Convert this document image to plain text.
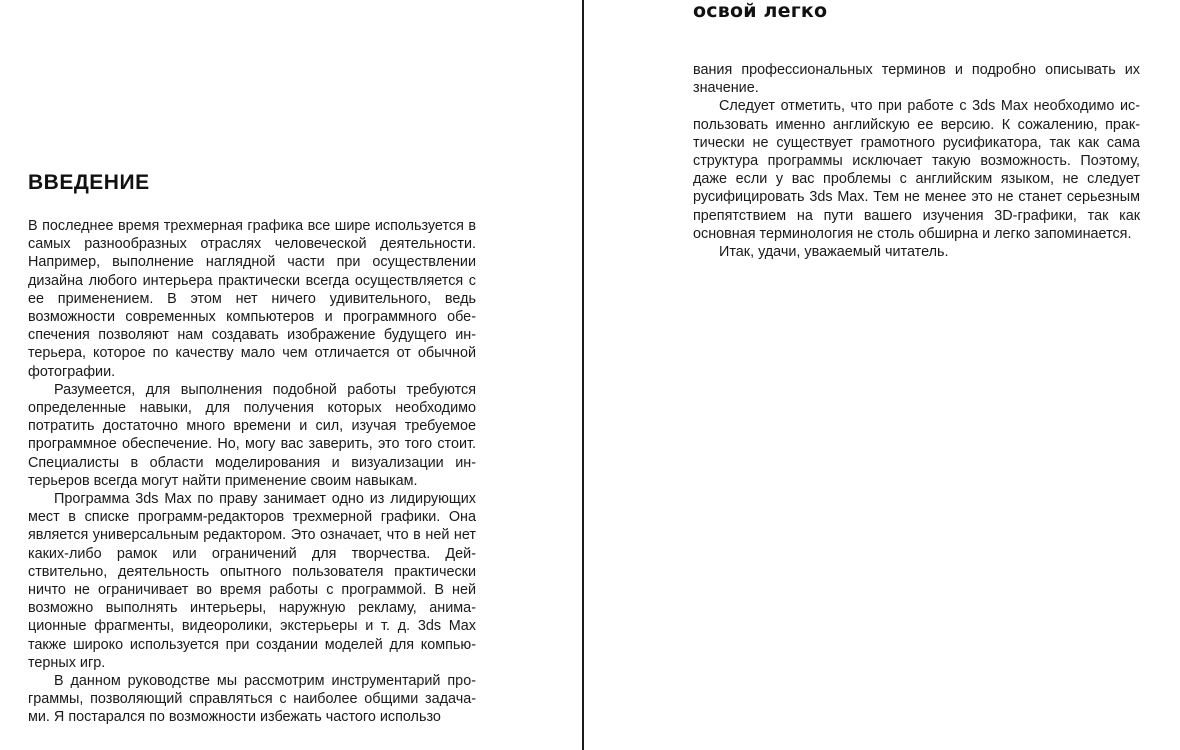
ВВЕДЕНИЕ

В последнее время трехмерная графика все шире используется в самых разнообразных отраслях человеческой деятельности. Например, выполнение наглядной части при осуществлении дизайна любого интерьера практически всегда осуществляется с ее применением. В этом нет ничего удивительного, ведь возможности современных компьютеров и программного обеспечения позволяют нам создавать изображение будущего интерьера, которое по качеству мало чем отличается от обычной фотографии.

Разумеется, для выполнения подобной работы требуются определенные навыки, для получения которых необходимо потратить достаточно много времени и сил, изучая требуемое программное обеспечение. Но, могу вас заверить, это того стоит. Специалисты в области моделирования и визуализации интерьеров всегда могут найти применение своим навыкам.

Программа 3ds Max по праву занимает одно из лидирующих мест в списке программ-редакторов трехмерной графики. Она является универсальным редактором. Это означает, что в ней нет каких-либо рамок или ограничений для творчества. Действительно, деятельность опытного пользователя практически ничто не ограничивает во время работы с программой. В ней возможно выполнять интерьеры, наружную рекламу, анимационные фрагменты, видеоролики, экстерьеры и т. д. 3ds Max также широко используется при создании моделей для компьютерных игр.

В данном руководстве мы рассмотрим инструментарий программы, позволяющий справляться с наиболее общими задачами. Я постарался по возможности избежать частого использо

освой легко

вания профессиональных терминов и подробно описывать их значение.

Следует отметить, что при работе с 3ds Max необходимо использовать именно английскую ее версию. К сожалению, практически не существует грамотного русификатора, так как сама структура программы исключает такую возможность. Поэтому, даже если у вас проблемы с английским языком, не следует русифицировать 3ds Max. Тем не менее это не станет серьезным препятствием на пути вашего изучения 3D-графики, так как основная терминология не столь обширна и легко запоминается.

Итак, удачи, уважаемый читатель.
